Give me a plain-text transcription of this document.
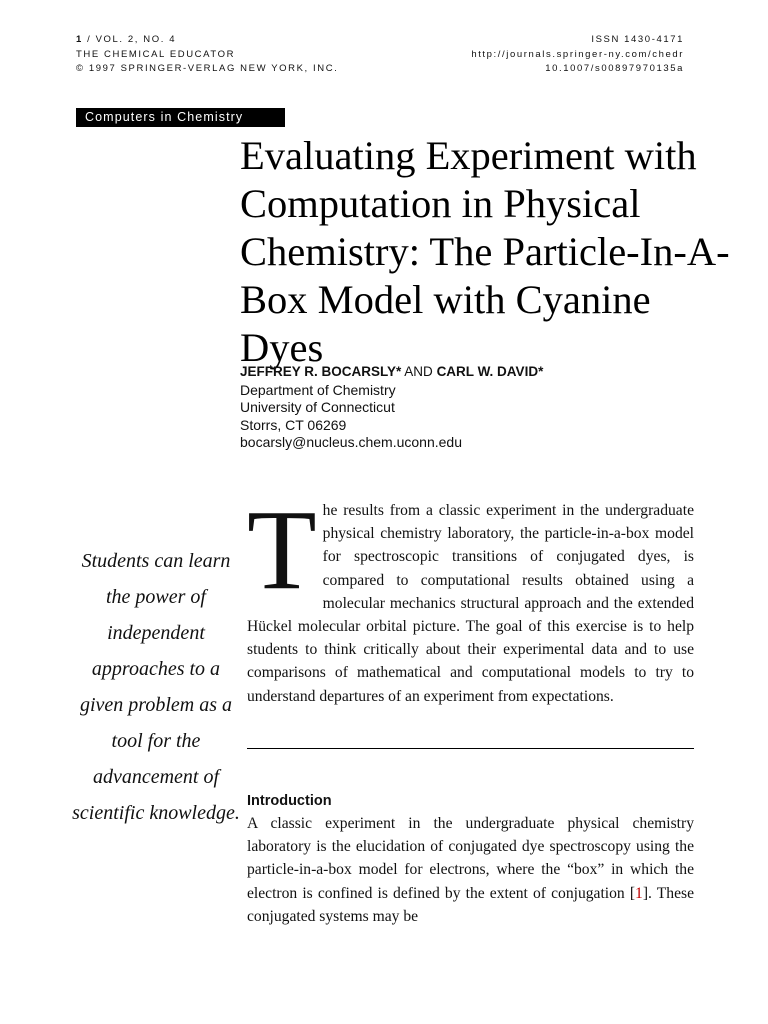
1 / VOL. 2, NO. 4
THE CHEMICAL EDUCATOR
© 1997 SPRINGER-VERLAG NEW YORK, INC.
ISSN 1430-4171
http://journals.springer-ny.com/chedr
10.1007/s00897970135a
Computers in Chemistry
Evaluating Experiment with Computation in Physical Chemistry: The Particle-In-A-Box Model with Cyanine Dyes
JEFFREY R. BOCARSLY* AND CARL W. DAVID*
Department of Chemistry
University of Connecticut
Storrs, CT 06269
bocarsly@nucleus.chem.uconn.edu
Students can learn the power of independent approaches to a given problem as a tool for the advancement of scientific knowledge.

The results from a classic experiment in the undergraduate physical chemistry laboratory, the particle-in-a-box model for spectroscopic transitions of conjugated dyes, is compared to computational results obtained using a molecular mechanics structural approach and the extended Hückel molecular orbital picture. The goal of this exercise is to help students to think critically about their experimental data and to use comparisons of mathematical and computational models to try to understand departures of an experiment from expectations.

Introduction

A classic experiment in the undergraduate physical chemistry laboratory is the elucidation of conjugated dye spectroscopy using the particle-in-a-box model for electrons, where the “box” in which the electron is confined is defined by the extent of conjugation [1]. These conjugated systems may be
